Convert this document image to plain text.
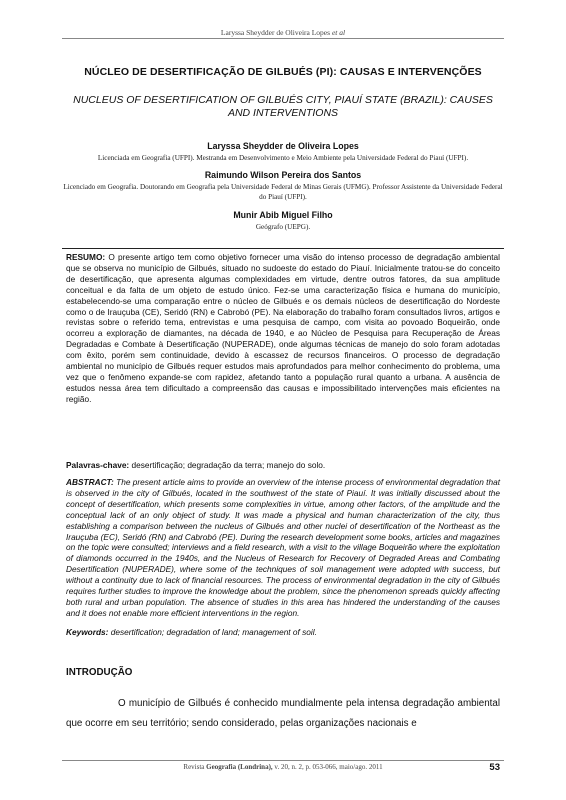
Laryssa Sheydder de Oliveira Lopes et al
NÚCLEO DE DESERTIFICAÇÃO DE GILBUÉS (PI): CAUSAS E INTERVENÇÕES
NUCLEUS OF DESERTIFICATION OF GILBUÉS CITY, PIAUÍ STATE (BRAZIL): CAUSES AND INTERVENTIONS
Laryssa Sheydder de Oliveira Lopes
Licenciada em Geografia (UFPI). Mestranda em Desenvolvimento e Meio Ambiente pela Universidade Federal do Piauí (UFPI).
Raimundo Wilson Pereira dos Santos
Licenciado em Geografia. Doutorando em Geografia pela Universidade Federal de Minas Gerais (UFMG). Professor Assistente da Universidade Federal do Piauí (UFPI).
Munir Abib Miguel Filho
Geógrafo (UEPG).
RESUMO: O presente artigo tem como objetivo fornecer uma visão do intenso processo de degradação ambiental que se observa no município de Gilbués, situado no sudoeste do estado do Piauí. Inicialmente tratou-se do conceito de desertificação, que apresenta algumas complexidades em virtude, dentre outros fatores, da sua amplitude conceitual e da falta de um objeto de estudo único. Fez-se uma caracterização física e humana do município, estabelecendo-se uma comparação entre o núcleo de Gilbués e os demais núcleos de desertificação do Nordeste como o de Irauçuba (CE), Seridó (RN) e Cabrobó (PE). Na elaboração do trabalho foram consultados livros, artigos e revistas sobre o referido tema, entrevistas e uma pesquisa de campo, com visita ao povoado Boqueirão, onde ocorreu a exploração de diamantes, na década de 1940, e ao Núcleo de Pesquisa para Recuperação de Áreas Degradadas e Combate à Desertificação (NUPERADE), onde algumas técnicas de manejo do solo foram adotadas com êxito, porém sem continuidade, devido à escassez de recursos financeiros. O processo de degradação ambiental no município de Gilbués requer estudos mais aprofundados para melhor conhecimento do problema, uma vez que o fenômeno expande-se com rapidez, afetando tanto a população rural quanto a urbana. A ausência de estudos nessa área tem dificultado a compreensão das causas e impossibilitado intervenções mais eficientes na região.
Palavras-chave: desertificação; degradação da terra; manejo do solo.
ABSTRACT: The present article aims to provide an overview of the intense process of environmental degradation that is observed in the city of Gilbués, located in the southwest of the state of Piauí. It was initially discussed about the concept of desertification, which presents some complexities in virtue, among other factors, of the amplitude and the conceptual lack of an only object of study. It was made a physical and human characterization of the city, thus establishing a comparison between the nucleus of Gilbués and other nuclei of desertification of the Northeast as the Irauçuba (EC), Seridó (RN) and Cabrobó (PE). During the research development some books, articles and magazines on the topic were consulted; interviews and a field research, with a visit to the village Boqueirão where the exploitation of diamonds occurred in the 1940s, and the Nucleus of Research for Recovery of Degraded Areas and Combating Desertification (NUPERADE), where some of the techniques of soil management were adopted with success, but without a continuity due to lack of financial resources. The process of environmental degradation in the city of Gilbués requires further studies to improve the knowledge about the problem, since the phenomenon spreads quickly affecting both rural and urban population. The absence of studies in this area has hindered the understanding of the causes and it does not enable more efficient interventions in the region.
Keywords: desertification; degradation of land; management of soil.
INTRODUÇÃO
O município de Gilbués é conhecido mundialmente pela intensa degradação ambiental que ocorre em seu território; sendo considerado, pelas organizações nacionais e
Revista Geografia (Londrina), v. 20, n. 2, p. 053-066, maio/ago. 2011	53
